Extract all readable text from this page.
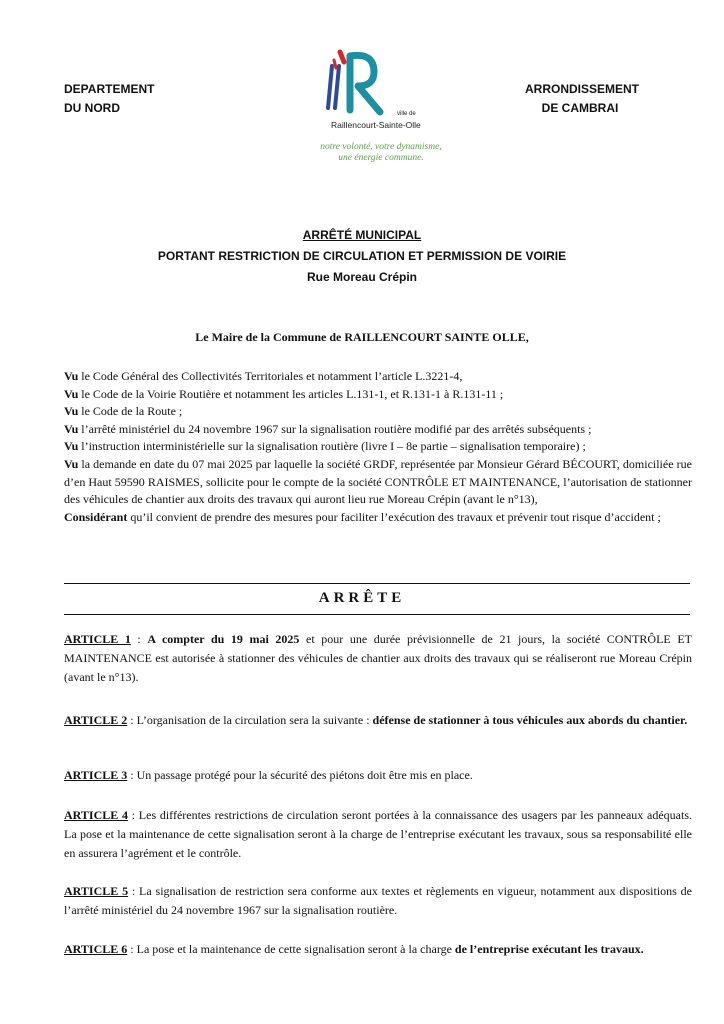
DEPARTEMENT
DU NORD
ARRONDISSEMENT
DE CAMBRAI
ville de
Raillencourt-Sainte-Olle
notre volonté, votre dynamisme,
une énergie commune.
ARRÊTÉ MUNICIPAL
PORTANT RESTRICTION DE CIRCULATION ET PERMISSION DE VOIRIE
Rue Moreau Crépin
Le Maire de la Commune de RAILLENCOURT SAINTE OLLE,

Vu le Code Général des Collectivités Territoriales et notamment l’article L.3221-4,

Vu le Code de la Voirie Routière et notamment les articles L.131-1, et R.131-1 à R.131-11 ;

Vu le Code de la Route ;

Vu l’arrêté ministériel du 24 novembre 1967 sur la signalisation routière modifié par des arrêtés subséquents ;

Vu l’instruction interministérielle sur la signalisation routière (livre I – 8e partie – signalisation temporaire) ;

Vu la demande en date du 07 mai 2025 par laquelle la société GRDF, représentée par Monsieur Gérard BÉCOURT, domiciliée rue d’en Haut 59590 RAISMES, sollicite pour le compte de la société CONTRÔLE ET MAINTENANCE, l’autorisation de stationner des véhicules de chantier aux droits des travaux qui auront lieu rue Moreau Crépin (avant le n°13),

Considérant qu’il convient de prendre des mesures pour faciliter l’exécution des travaux et prévenir tout risque d’accident ;

ARRÊTE

ARTICLE 1 : A compter du 19 mai 2025 et pour une durée prévisionnelle de 21 jours, la société CONTRÔLE ET MAINTENANCE est autorisée à stationner des véhicules de chantier aux droits des travaux qui se réaliseront rue Moreau Crépin (avant le n°13).

ARTICLE 2 : L’organisation de la circulation sera la suivante : défense de stationner à tous véhicules aux abords du chantier.

ARTICLE 3 : Un passage protégé pour la sécurité des piétons doit être mis en place.

ARTICLE 4 : Les différentes restrictions de circulation seront portées à la connaissance des usagers par les panneaux adéquats. La pose et la maintenance de cette signalisation seront à la charge de l’entreprise exécutant les travaux, sous sa responsabilité elle en assurera l’agrément et le contrôle.

ARTICLE 5 : La signalisation de restriction sera conforme aux textes et règlements en vigueur, notamment aux dispositions de l’arrêté ministériel du 24 novembre 1967 sur la signalisation routière.

ARTICLE 6 : La pose et la maintenance de cette signalisation seront à la charge de l’entreprise exécutant les travaux.
